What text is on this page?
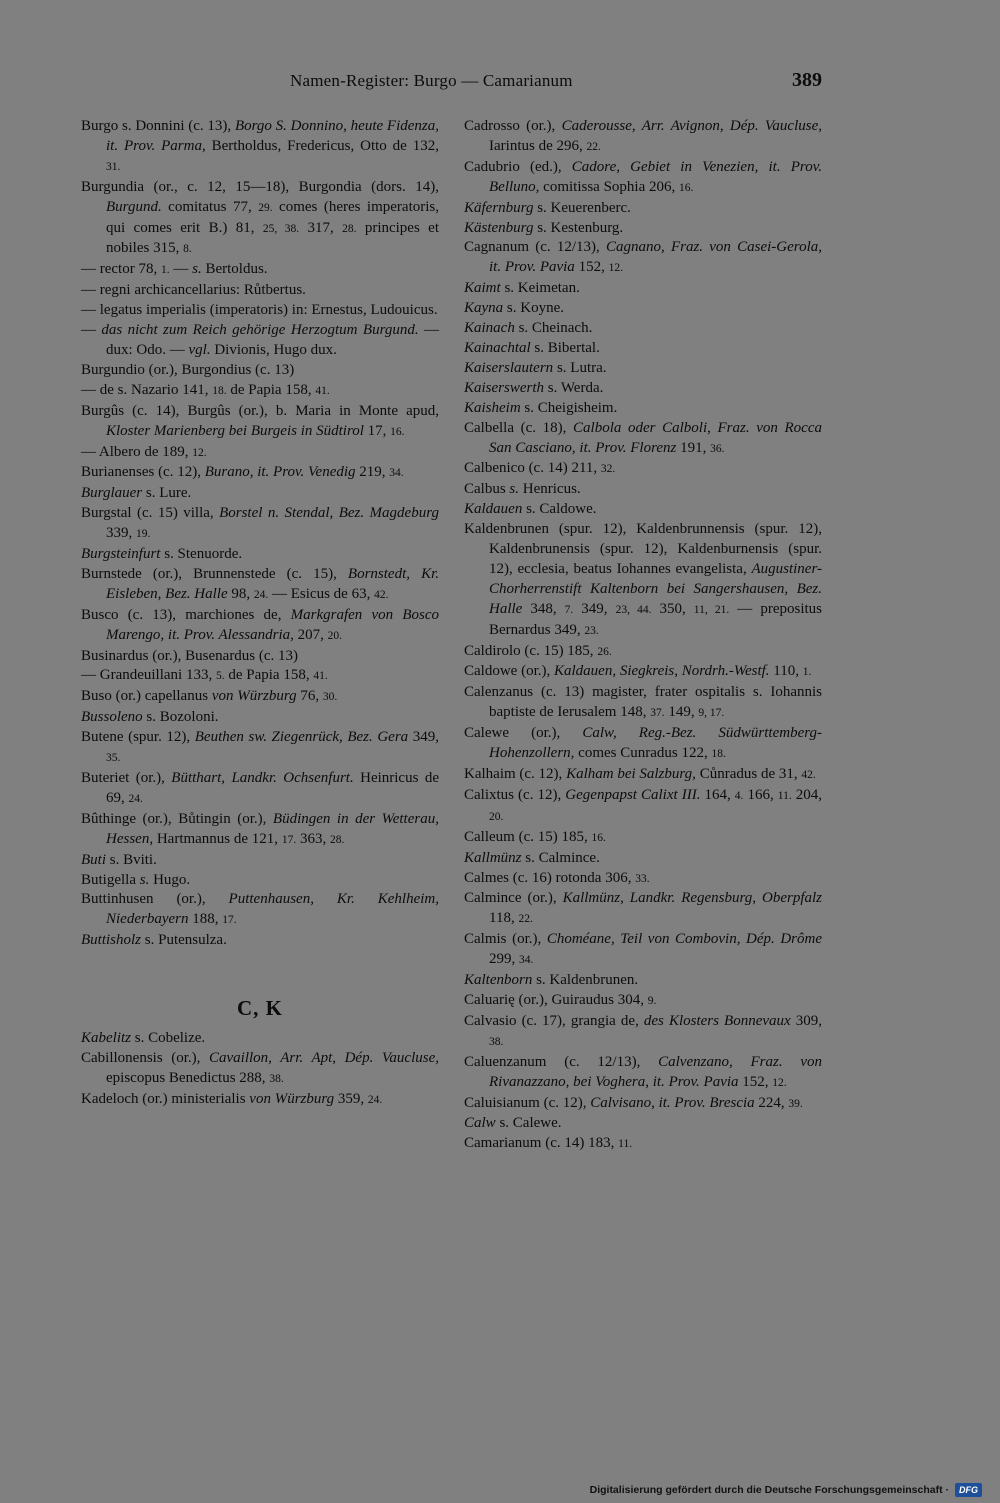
Namen-Register: Burgo — Camarianum	389

Burgo s. Donnini (c. 13), Borgo S. Donnino, heute Fidenza, it. Prov. Parma, Bertholdus, Fredericus, Otto de 132, 31.

Burgundia (or., c. 12, 15—18), Burgondia (dors. 14), Burgund. comitatus 77, 29. comes (heres imperatoris, qui comes erit B.) 81, 25, 38. 317, 28. principes et nobiles 315, 8.

— rector 78, 1. — s. Bertoldus.

— regni archicancellarius: Růtbertus.

— legatus imperialis (imperatoris) in: Ernestus, Ludouicus.

— das nicht zum Reich gehörige Herzogtum Burgund. — dux: Odo. — vgl. Divionis, Hugo dux.

Burgundio (or.), Burgondius (c. 13)

— de s. Nazario 141, 18. de Papia 158, 41.

Burgûs (c. 14), Burgûs (or.), b. Maria in Monte apud, Kloster Marienberg bei Burgeis in Südtirol 17, 16.

— Albero de 189, 12.

Burianenses (c. 12), Burano, it. Prov. Venedig 219, 34.

Burglauer s. Lure.

Burgstal (c. 15) villa, Borstel n. Stendal, Bez. Magdeburg 339, 19.

Burgsteinfurt s. Stenuorde.

Burnstede (or.), Brunnenstede (c. 15), Bornstedt, Kr. Eisleben, Bez. Halle 98, 24. — Esicus de 63, 42.

Busco (c. 13), marchiones de, Markgrafen von Bosco Marengo, it. Prov. Alessandria, 207, 20.

Businardus (or.), Busenardus (c. 13)

— Grandeuillani 133, 5. de Papia 158, 41.

Buso (or.) capellanus von Würzburg 76, 30.

Bussoleno s. Bozoloni.

Butene (spur. 12), Beuthen sw. Ziegenrück, Bez. Gera 349, 35.

Buteriet (or.), Bütthart, Landkr. Ochsenfurt. Heinricus de 69, 24.

Bûthinge (or.), Bůtingin (or.), Büdingen in der Wetterau, Hessen, Hartmannus de 121, 17. 363, 28.

Buti s. Bviti.

Butigella s. Hugo.

Buttinhusen (or.), Puttenhausen, Kr. Kehlheim, Niederbayern 188, 17.

Buttisholz s. Putensulza.

C, K

Kabelitz s. Cobelize.

Cabillonensis (or.), Cavaillon, Arr. Apt, Dép. Vaucluse, episcopus Benedictus 288, 38.

Kadeloch (or.) ministerialis von Würzburg 359, 24.

Cadrosso (or.), Caderousse, Arr. Avignon, Dép. Vaucluse, Iarintus de 296, 22.

Cadubrio (ed.), Cadore, Gebiet in Venezien, it. Prov. Belluno, comitissa Sophia 206, 16.

Käfernburg s. Keuerenberc.

Kästenburg s. Kestenburg.

Cagnanum (c. 12/13), Cagnano, Fraz. von Casei-Gerola, it. Prov. Pavia 152, 12.

Kaimt s. Keimetan.

Kayna s. Koyne.

Kainach s. Cheinach.

Kainachtal s. Bibertal.

Kaiserslautern s. Lutra.

Kaiserswerth s. Werda.

Kaisheim s. Cheigisheim.

Calbella (c. 18), Calbola oder Calboli, Fraz. von Rocca San Casciano, it. Prov. Florenz 191, 36.

Calbenico (c. 14) 211, 32.

Calbus s. Henricus.

Kaldauen s. Caldowe.

Kaldenbrunen (spur. 12), Kaldenbrunnensis (spur. 12), Kaldenbrunensis (spur. 12), Kaldenburnensis (spur. 12), ecclesia, beatus Iohannes evangelista, Augustiner-Chorherrenstift Kaltenborn bei Sangershausen, Bez. Halle 348, 7. 349, 23, 44. 350, 11, 21. — prepositus Bernardus 349, 23.

Caldirolo (c. 15) 185, 26.

Caldowe (or.), Kaldauen, Siegkreis, Nordrh.-Westf. 110, 1.

Calenzanus (c. 13) magister, frater ospitalis s. Iohannis baptiste de Ierusalem 148, 37. 149, 9, 17.

Calewe (or.), Calw, Reg.-Bez. Südwürttemberg-Hohenzollern, comes Cunradus 122, 18.

Kalhaim (c. 12), Kalham bei Salzburg, Cůnradus de 31, 42.

Calixtus (c. 12), Gegenpapst Calixt III. 164, 4. 166, 11. 204, 20.

Calleum (c. 15) 185, 16.

Kallmünz s. Calmince.

Calmes (c. 16) rotonda 306, 33.

Calmince (or.), Kallmünz, Landkr. Regensburg, Oberpfalz 118, 22.

Calmis (or.), Choméane, Teil von Combovin, Dép. Drôme 299, 34.

Kaltenborn s. Kaldenbrunen.

Caluarię (or.), Guiraudus 304, 9.

Calvasio (c. 17), grangia de, des Klosters Bonnevaux 309, 38.

Caluenzanum (c. 12/13), Calvenzano, Fraz. von Rivanazzano, bei Voghera, it. Prov. Pavia 152, 12.

Caluisianum (c. 12), Calvisano, it. Prov. Brescia 224, 39.

Calw s. Calewe.

Camarianum (c. 14) 183, 11.

Digitalisierung gefördert durch die Deutsche Forschungsgemeinschaft ·	DFG
